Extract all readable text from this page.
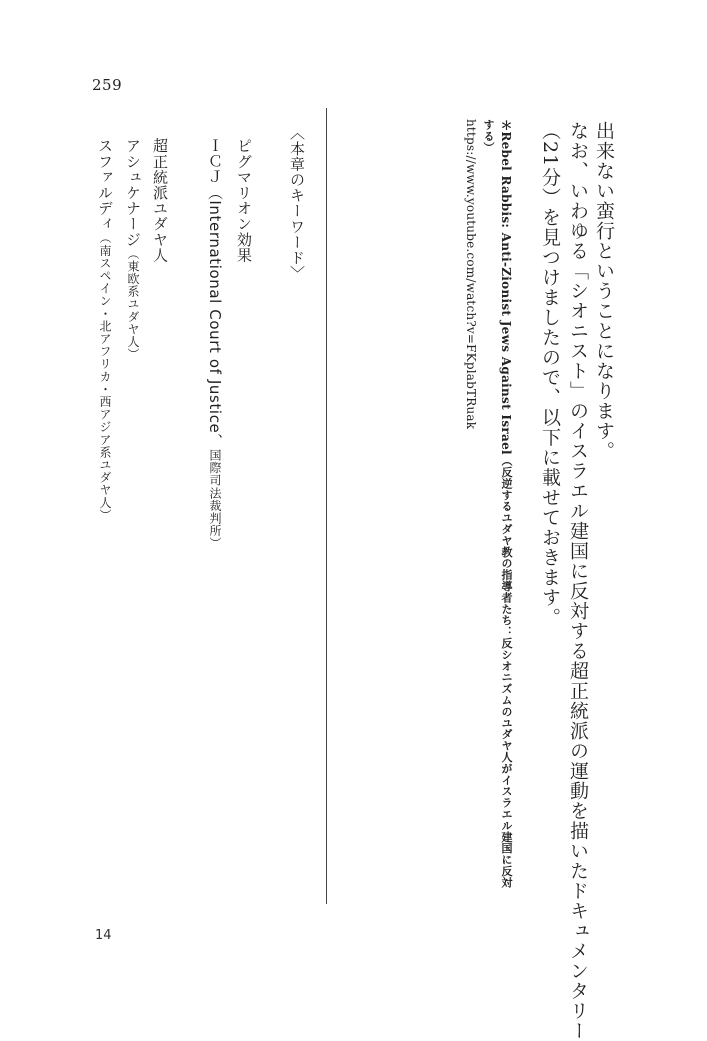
259
出来ない蛮行ということになります。
なお、いわゆる「シオニスト」のイスラエル建国に反対する超正統派の運動を描いたドキュメンタリー
（21分）を見つけましたので、以下に載せておきます。
＊Rebel Rabbis: Anti-Zionist Jews Against Israel（反逆するユダヤ教の指導者たち：反シオニズムのユダヤ人がイスラエル建国に反対
する）
https://www.youtube.com/watch?v=FKplabTRuak
〈本章のキーワード〉
ピグマリオン効果
ＩＣＪ（International Court of Justice、国際司法裁判所）
超正統派ユダヤ人
アシュケナージ（東欧系ユダヤ人）
スファルディ（南スペイン・北アフリカ・西アジア系ユダヤ人）
14
